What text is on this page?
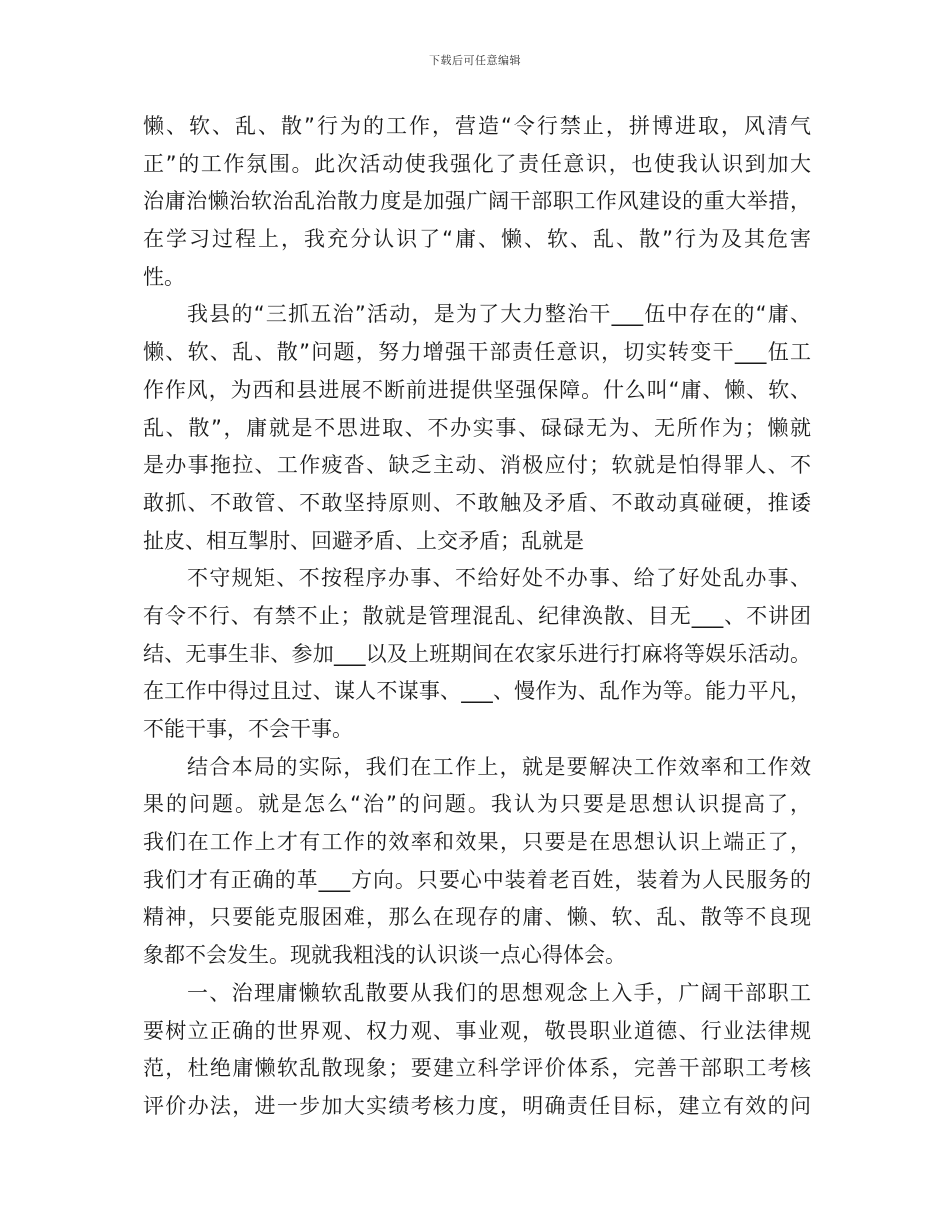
下载后可任意编辑
懒、软、乱、散”行为的工作，营造“令行禁止，拼博进取，风清气
正”的工作氛围。此次活动使我强化了责任意识，也使我认识到加大
治庸治懒治软治乱治散力度是加强广阔干部职工作风建设的重大举措，
在学习过程上，我充分认识了“庸、懒、软、乱、散”行为及其危害
性。
我县的“三抓五治”活动，是为了大力整治干___伍中存在的“庸、
懒、软、乱、散”问题，努力增强干部责任意识，切实转变干___伍工
作作风，为西和县进展不断前进提供坚强保障。什么叫“庸、懒、软、
乱、散”，庸就是不思进取、不办实事、碌碌无为、无所作为；懒就
是办事拖拉、工作疲沓、缺乏主动、消极应付；软就是怕得罪人、不
敢抓、不敢管、不敢坚持原则、不敢触及矛盾、不敢动真碰硬，推诿
扯皮、相互掣肘、回避矛盾、上交矛盾；乱就是
不守规矩、不按程序办事、不给好处不办事、给了好处乱办事、
有令不行、有禁不止；散就是管理混乱、纪律涣散、目无___、不讲团
结、无事生非、参加___以及上班期间在农家乐进行打麻将等娱乐活动。
在工作中得过且过、谋人不谋事、___、慢作为、乱作为等。能力平凡，
不能干事，不会干事。
结合本局的实际，我们在工作上，就是要解决工作效率和工作效
果的问题。就是怎么“治”的问题。我认为只要是思想认识提高了，
我们在工作上才有工作的效率和效果，只要是在思想认识上端正了，
我们才有正确的革___方向。只要心中装着老百姓，装着为人民服务的
精神，只要能克服困难，那么在现存的庸、懒、软、乱、散等不良现
象都不会发生。现就我粗浅的认识谈一点心得体会。
一、治理庸懒软乱散要从我们的思想观念上入手，广阔干部职工
要树立正确的世界观、权力观、事业观，敬畏职业道德、行业法律规
范，杜绝庸懒软乱散现象；要建立科学评价体系，完善干部职工考核
评价办法，进一步加大实绩考核力度，明确责任目标，建立有效的问
